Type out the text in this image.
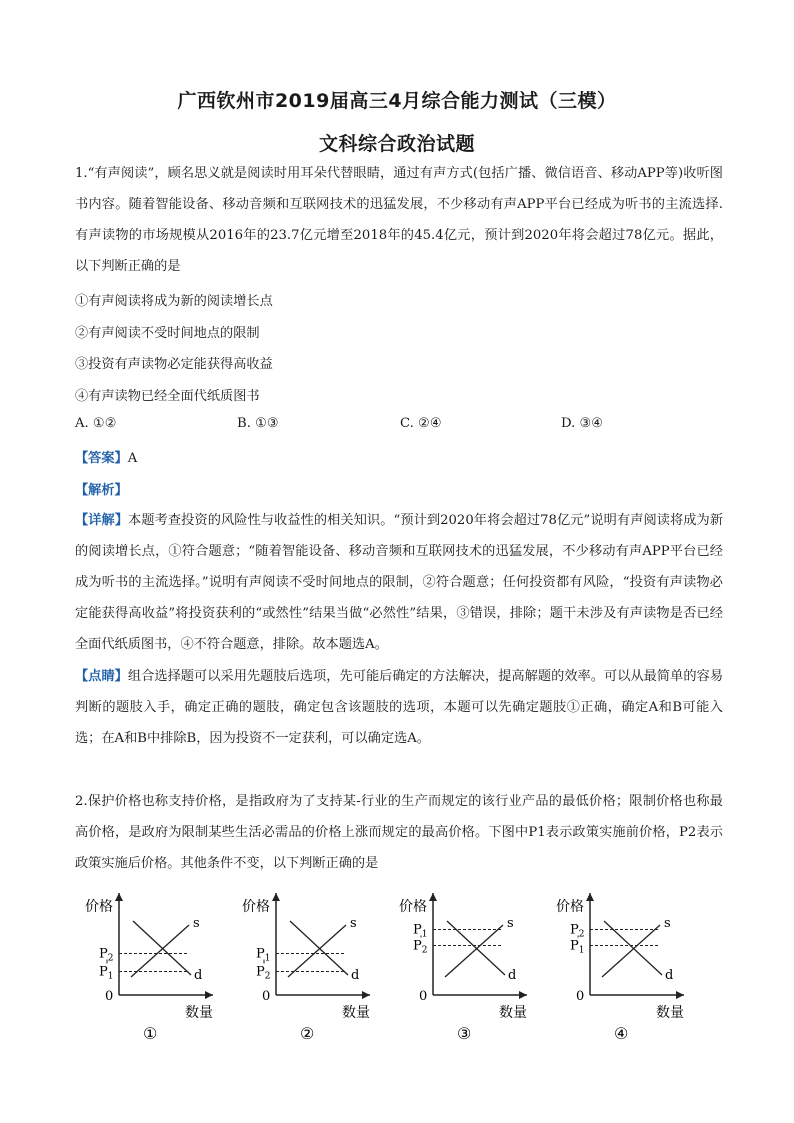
广西钦州市2019届高三4月综合能力测试（三模）
文科综合政治试题
1.“有声阅读”，顾名思义就是阅读时用耳朵代替眼睛，通过有声方式(包括广播、微信语音、移动APP等)收听图书内容。随着智能设备、移动音频和互联网技术的迅猛发展，不少移动有声APP平台已经成为听书的主流选择.有声读物的市场规模从2016年的23.7亿元增至2018年的45.4亿元，预计到2020年将会超过78亿元。据此，以下判断正确的是
①有声阅读将成为新的阅读增长点
②有声阅读不受时间地点的限制
③投资有声读物必定能获得高收益
④有声读物已经全面代纸质图书
A. ①②	B. ①③	C. ②④	D. ③④
【答案】A
【解析】
【详解】本题考查投资的风险性与收益性的相关知识。“预计到2020年将会超过78亿元”说明有声阅读将成为新的阅读增长点，①符合题意；“随着智能设备、移动音频和互联网技术的迅猛发展，不少移动有声APP平台已经成为听书的主流选择。”说明有声阅读不受时间地点的限制，②符合题意；任何投资都有风险，“投资有声读物必定能获得高收益”将投资获利的“或然性”结果当做“必然性”结果，③错误，排除；题干未涉及有声读物是否已经全面代纸质图书，④不符合题意，排除。故本题选A。
【点睛】组合选择题可以采用先题肢后选项，先可能后确定的方法解决，提高解题的效率。可以从最简单的容易判断的题肢入手，确定正确的题肢，确定包含该题肢的选项，本题可以先确定题肢①正确，确定A和B可能入选；在A和B中排除B，因为投资不一定获利，可以确定选A。
2.保护价格也称支持价格，是指政府为了支持某-行业的生产而规定的该行业产品的最低价格；限制价格也称最高价格，是政府为限制某些生活必需品的价格上涨而规定的最高价格。下图中P1表示政策实施前价格，P2表示政策实施后价格。其他条件不变，以下判断正确的是
价格
数量
0
s
d
$P_2$
$P_1$
①
价格
数量
0
s
d
$P_1$
$P_2$
②
价格
数量
0
s
d
$P_1$
$P_2$
③
价格
数量
0
s
d
$P_2$
$P_1$
④
